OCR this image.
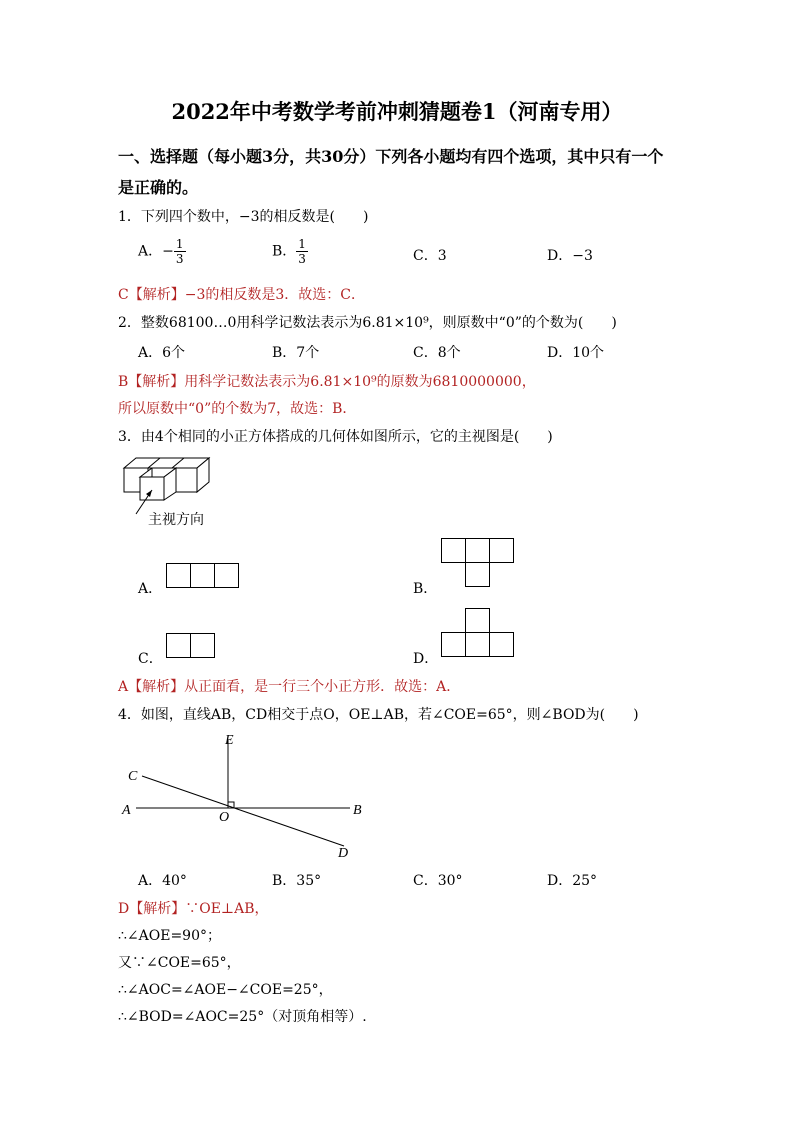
2022年中考数学考前冲刺猜题卷1（河南专用）
一、选择题（每小题3分，共30分）下列各小题均有四个选项，其中只有一个
是正确的。
1．下列四个数中，−3的相反数是(　　)
A．− $\frac{1}{3}$	B． $\frac{1}{3}$	C．3	D．−3
C【解析】−3的相反数是3．故选：C．
2．整数68100…0用科学记数法表示为6.81×10⁹，则原数中“0”的个数为(　　)
A．6个	B．7个	C．8个	D．10个
B【解析】用科学记数法表示为6.81×10⁹的原数为6810000000，
所以原数中“0”的个数为7，故选：B．
3．由4个相同的小正方体搭成的几何体如图所示，它的主视图是(　　)
主视方向
A．	B．
C．	D．
A【解析】从正面看，是一行三个小正方形．故选：A．
4．如图，直线AB，CD相交于点O，OE⊥AB，若∠COE=65°，则∠BOD为(　　)
E
C
A	O	B
D
A．40°	B．35°	C．30°	D．25°
D【解析】∵OE⊥AB，
∴∠AOE=90°；
又∵∠COE=65°，
∴∠AOC=∠AOE−∠COE=25°，
∴∠BOD=∠AOC=25°（对顶角相等）.
